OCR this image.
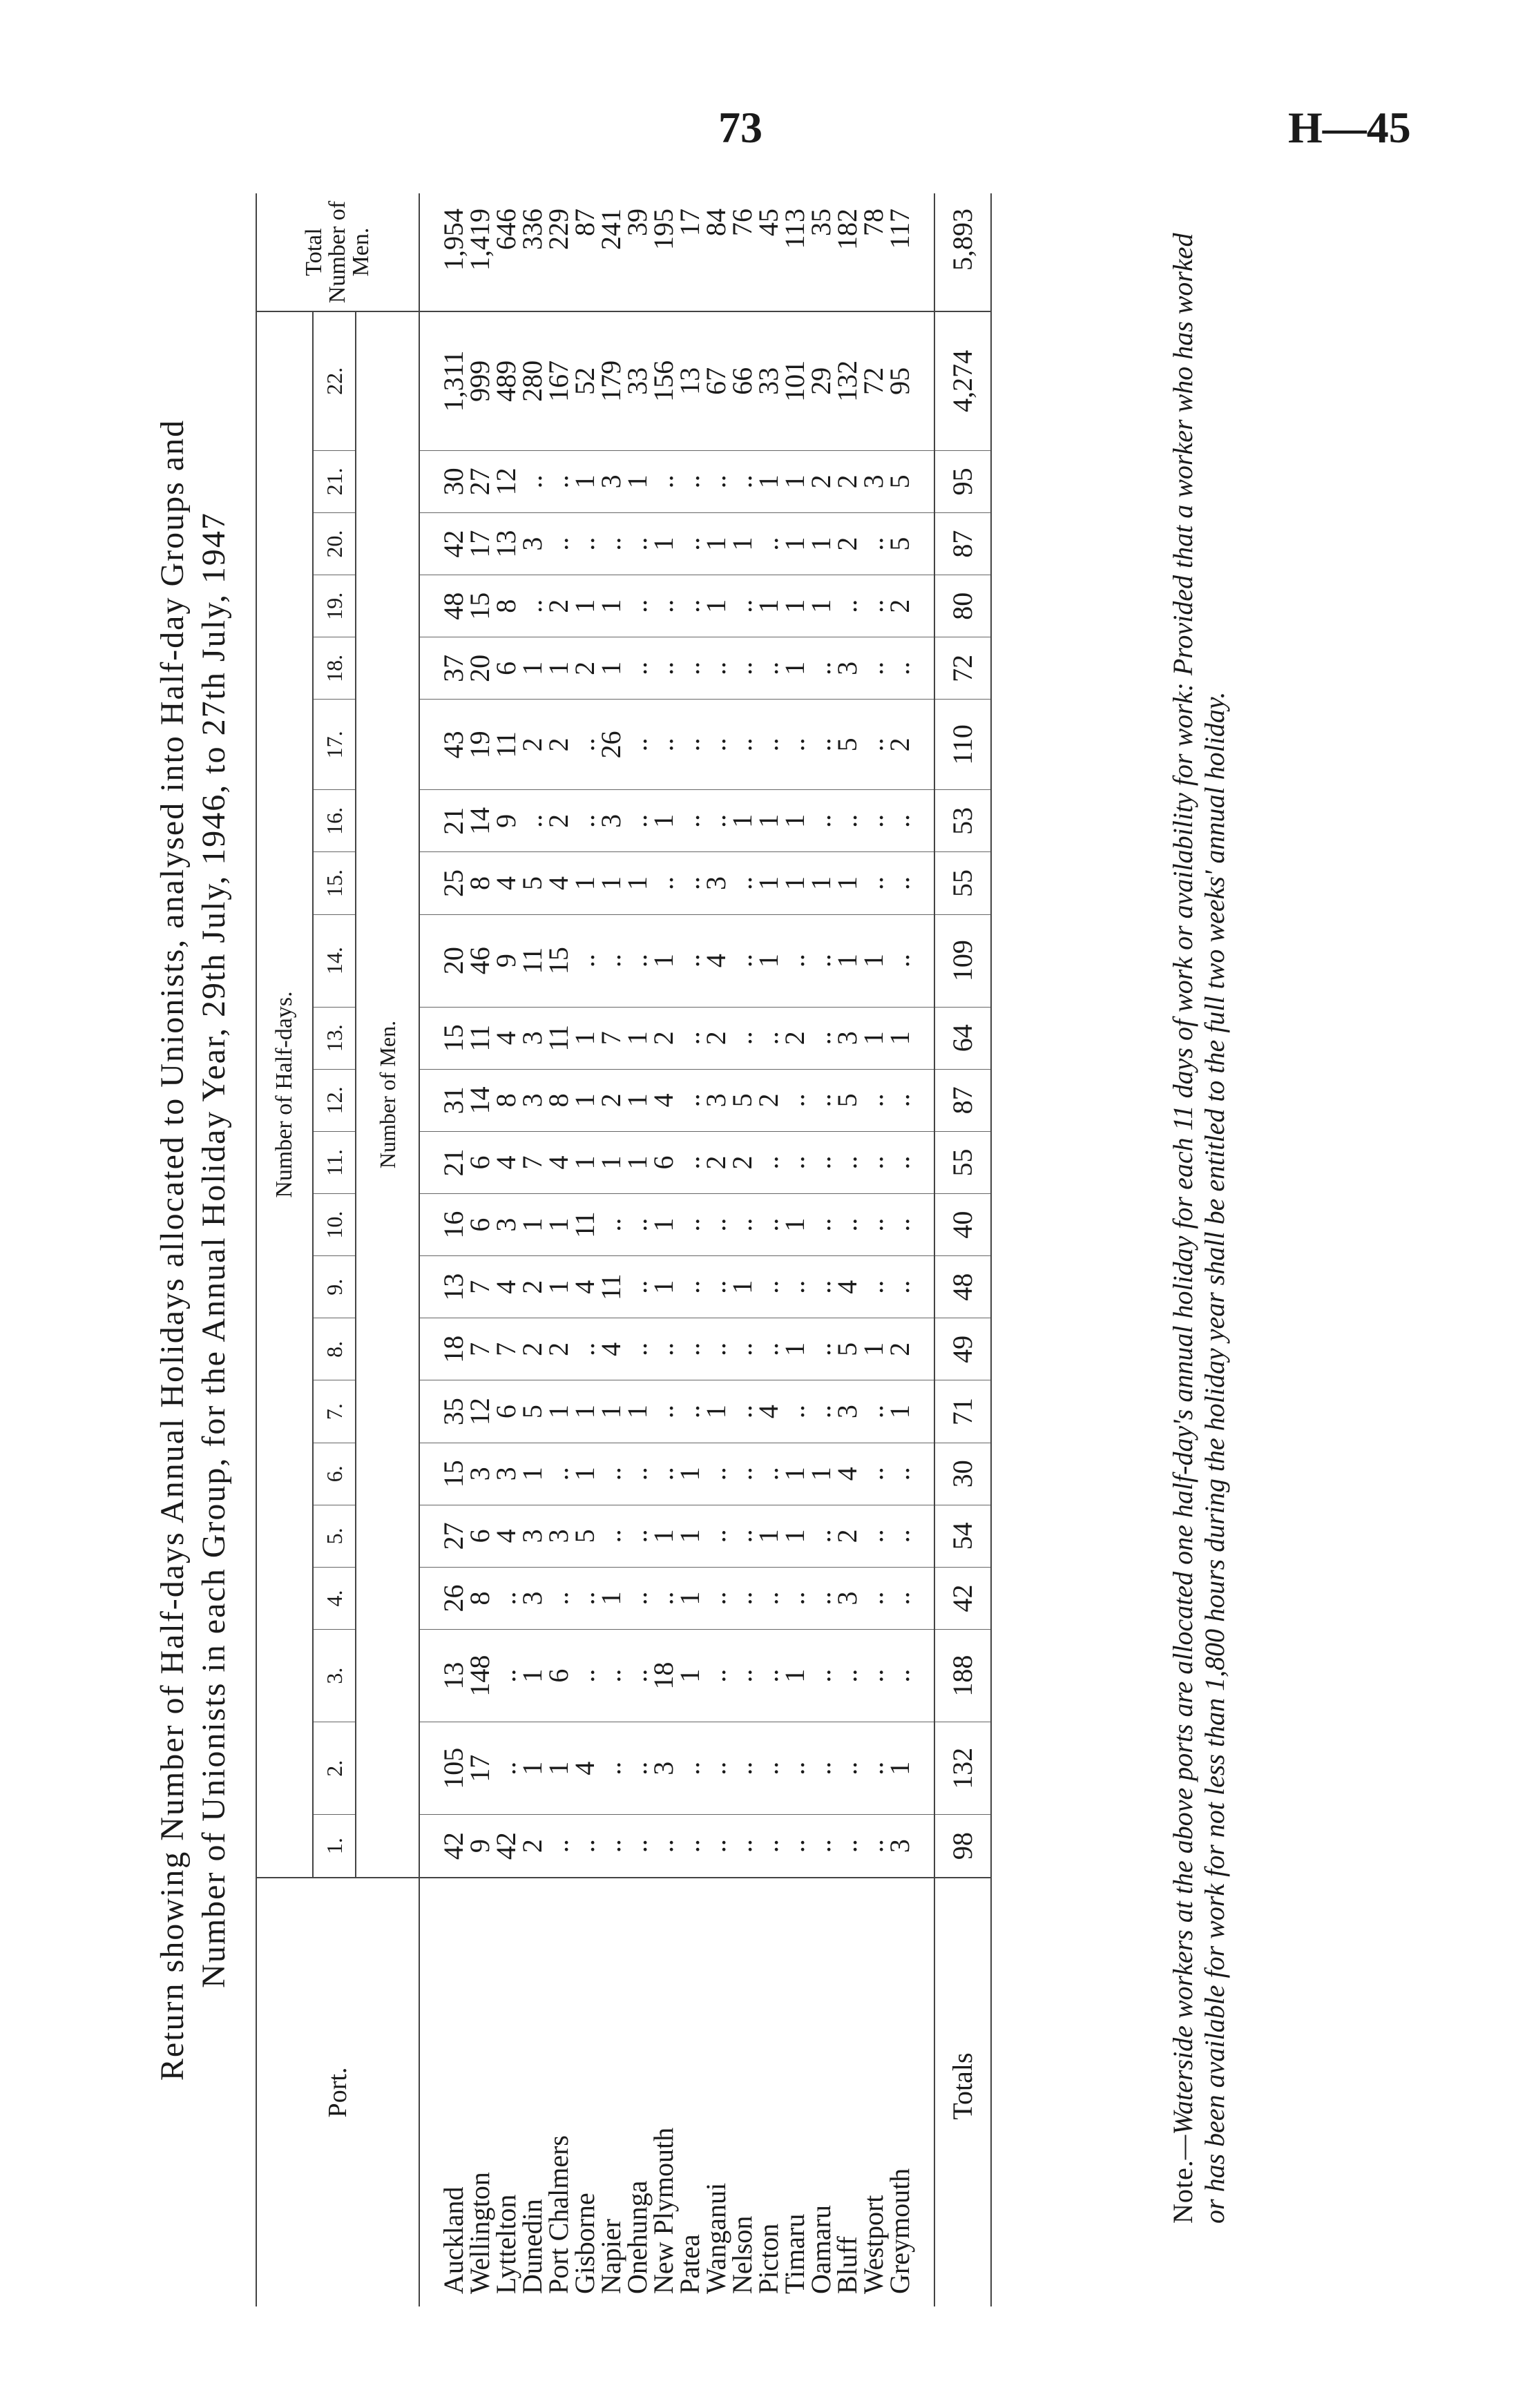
73	H—45
Return showing Number of Half-days Annual Holidays allocated to Unionists, analysed into Half-day Groups and Number of Unionists in each Group, for the Annual Holiday Year, 29th July, 1946, to 27th July, 1947
Port.	Number of Half-days.																						Total Number of Men.
	1.	2.	3.	4.	5.	6.	7.	8.	9.	10.	11.	12.	13.	14.	15.	16.	17.	18.	19.	20.	21.	22.	
	Number of Men.																						
Auckland	42	105	13	26	27	15	35	18	13	16	21	31	15	20	25	21	43	37	48	42	30	1,311	1,954
Wellington	9	17	148	8	6	3	12	7	7	6	6	14	11	46	8	14	19	20	15	17	27	999	1,419
Lyttelton	42	..	..	..	4	3	6	7	4	3	4	8	4	9	4	9	11	6	8	13	12	489	646
Dunedin	2	1	1	3	3	1	5	2	2	1	7	3	3	11	5	..	2	1	..	3	..	280	336
Port Chalmers	..	1	6	..	3	..	1	2	1	1	4	8	11	15	4	2	2	1	2	..	..	167	229
Gisborne	..	4	..	..	5	1	1	..	4	11	1	1	1	..	1	..	..	2	1	..	1	52	87
Napier	..	..	..	1	..	..	1	4	11	..	1	2	7	..	1	3	26	1	1	..	3	179	241
Onehunga	..	..	..	..	..	..	1	..	..	..	1	1	1	..	1	..	..	..	..	..	1	33	39
New Plymouth	..	3	18	..	1	..	..	..	1	1	6	4	2	1	..	1	..	..	..	1	..	156	195
Patea	..	..	1	1	1	1	..	..	..	..	..	..	..	..	..	..	..	..	..	..	..	13	17
Wanganui	..	..	..	..	..	..	1	..	..	..	2	3	2	4	3	..	..	..	1	1	..	67	84
Nelson	..	..	..	..	..	..	..	..	1	..	2	5	..	..	..	1	..	..	..	1	..	66	76
Picton	..	..	..	..	1	..	4	..	..	..	..	2	..	1	1	1	..	..	1	..	1	33	45
Timaru	..	..	1	..	1	1	..	1	..	1	..	..	2	..	1	1	..	1	1	1	1	101	113
Oamaru	..	..	..	..	..	1	..	..	..	..	..	..	..	..	1	..	..	..	1	1	2	29	35
Bluff	..	..	..	3	2	4	3	5	4	..	..	5	3	1	1	..	5	3	..	2	2	132	182
Westport	..	..	..	..	..	..	..	1	..	..	..	..	1	1	..	..	..	..	..	..	3	72	78
Greymouth	3	1	..	..	..	..	1	2	..	..	..	..	1	..	..	..	2	..	2	5	5	95	117
Totals	98	132	188	42	54	30	71	49	48	40	55	87	64	109	55	53	110	72	80	87	95	4,274	5,893
Note.—Waterside workers at the above ports are allocated one half-day's annual holiday for each 11 days of work or availability for work: Provided that a worker who has worked or has been available for work for not less than 1,800 hours during the holiday year shall be entitled to the full two weeks' annual holiday.
